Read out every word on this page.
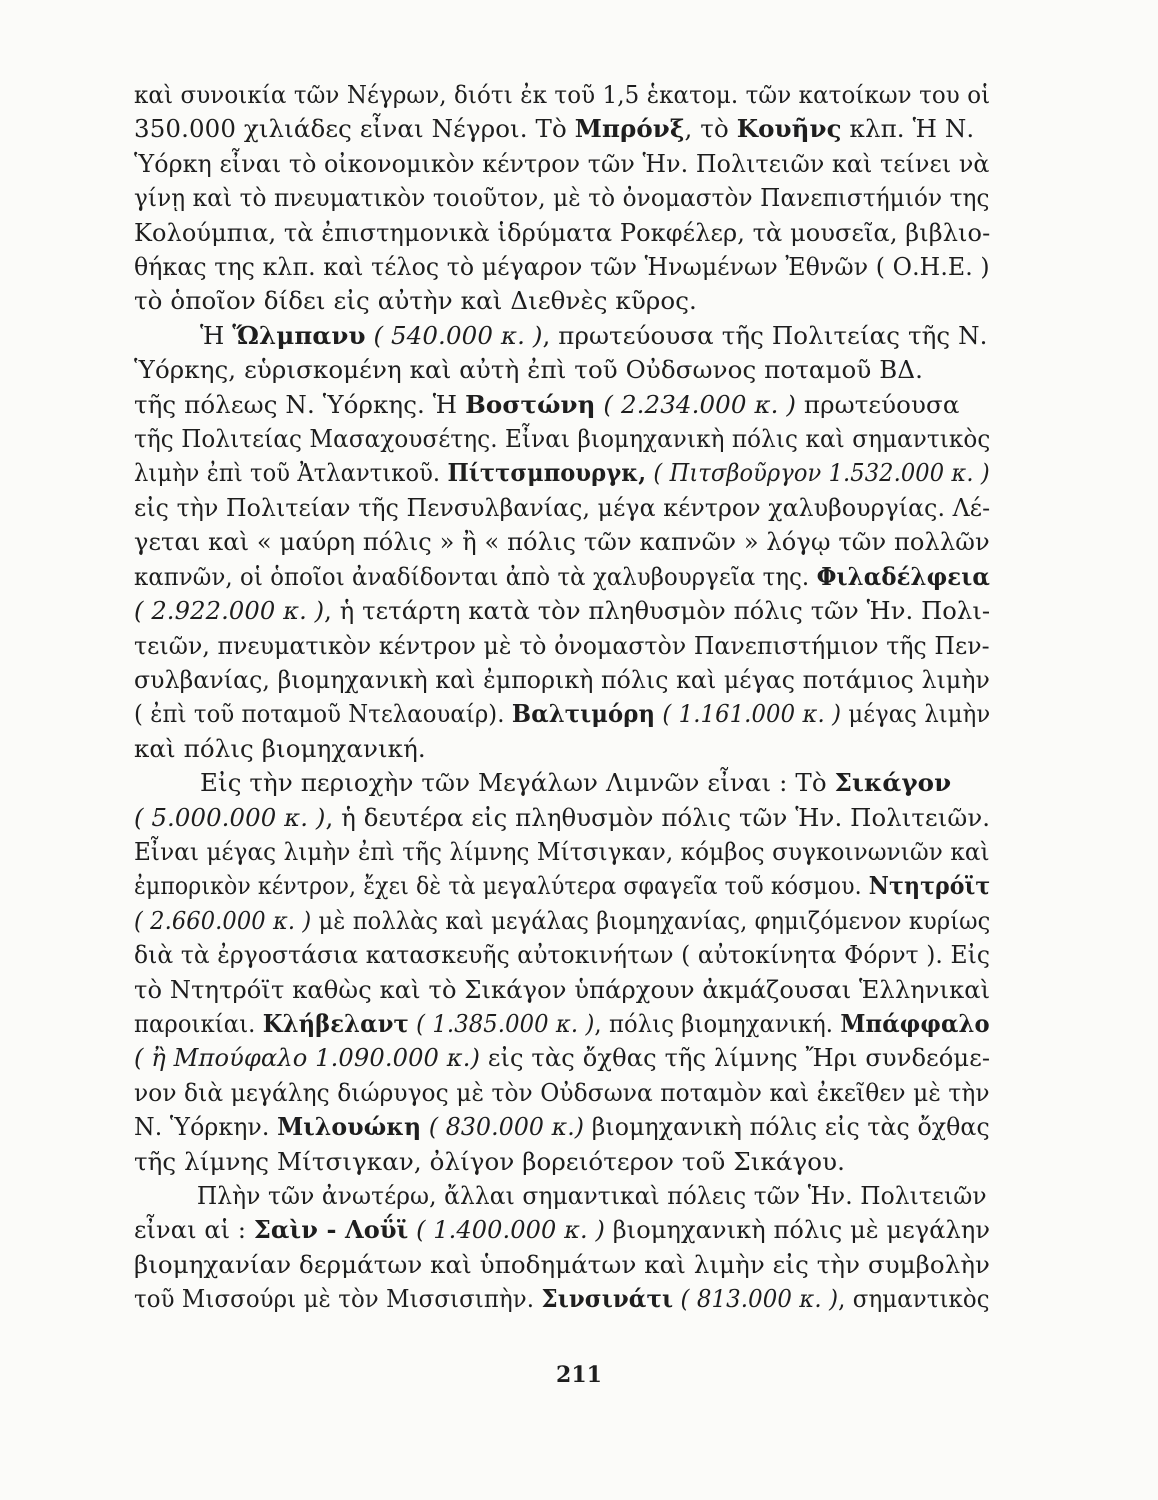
καὶ συνοικία τῶν Νέγρων, διότι ἐκ τοῦ 1,5 ἑκατομ. τῶν κατοίκων του οἱ
350.000 χιλιάδες εἶναι Νέγροι. Τὸ Μπρόνξ, τὸ Κουῆνς κλπ. Ἡ Ν.
Ὑόρκη εἶναι τὸ οἰκονομικὸν κέντρον τῶν Ἡν. Πολιτειῶν καὶ τείνει νὰ
γίνῃ καὶ τὸ πνευματικὸν τοιοῦτον, μὲ τὸ ὀνομαστὸν Πανεπιστήμιόν της
Κολούμπια, τὰ ἐπιστημονικὰ ἱδρύματα Ροκφέλερ, τὰ μουσεῖα, βιβλιο-
θήκας της κλπ. καὶ τέλος τὸ μέγαρον τῶν Ἡνωμένων Ἐθνῶν ( Ο.Η.Ε. )
τὸ ὁποῖον δίδει εἰς αὐτὴν καὶ Διεθνὲς κῦρος.
Ἡ Ὥλμπανυ ( 540.000 κ. ), πρωτεύουσα τῆς Πολιτείας τῆς Ν.
Ὑόρκης, εὑρισκομένη καὶ αὐτὴ ἐπὶ τοῦ Οὐδσωνος ποταμοῦ ΒΔ.
τῆς πόλεως Ν. Ὑόρκης. Ἡ Βοστώνη ( 2.234.000 κ. ) πρωτεύουσα
τῆς Πολιτείας Μασαχουσέτης. Εἶναι βιομηχανικὴ πόλις καὶ σημαντικὸς
λιμὴν ἐπὶ τοῦ Ἀτλαντικοῦ. Πίττσμπουργκ, ( Πιτσβοῦργον 1.532.000 κ. )
εἰς τὴν Πολιτείαν τῆς Πενσυλβανίας, μέγα κέντρον χαλυβουργίας. Λέ-
γεται καὶ « μαύρη πόλις » ἢ « πόλις τῶν καπνῶν » λόγῳ τῶν πολλῶν
καπνῶν, οἱ ὁποῖοι ἀναδίδονται ἀπὸ τὰ χαλυβουργεῖα της. Φιλαδέλφεια
( 2.922.000 κ. ), ἡ τετάρτη κατὰ τὸν πληθυσμὸν πόλις τῶν Ἡν. Πολι-
τειῶν, πνευματικὸν κέντρον μὲ τὸ ὀνομαστὸν Πανεπιστήμιον τῆς Πεν-
συλβανίας, βιομηχανικὴ καὶ ἐμπορικὴ πόλις καὶ μέγας ποτάμιος λιμὴν
( ἐπὶ τοῦ ποταμοῦ Ντελαουαίρ). Βαλτιμόρη ( 1.161.000 κ. ) μέγας λιμὴν
καὶ πόλις βιομηχανική.
Εἰς τὴν περιοχὴν τῶν Μεγάλων Λιμνῶν εἶναι : Τὸ Σικάγον
( 5.000.000 κ. ), ἡ δευτέρα εἰς πληθυσμὸν πόλις τῶν Ἡν. Πολιτειῶν.
Εἶναι μέγας λιμὴν ἐπὶ τῆς λίμνης Μίτσιγκαν, κόμβος συγκοινωνιῶν καὶ
ἐμπορικὸν κέντρον, ἔχει δὲ τὰ μεγαλύτερα σφαγεῖα τοῦ κόσμου. Ντητρόϊτ
( 2.660.000 κ. ) μὲ πολλὰς καὶ μεγάλας βιομηχανίας, φημιζόμενον κυρίως
διὰ τὰ ἐργοστάσια κατασκευῆς αὐτοκινήτων ( αὐτοκίνητα Φόρντ ). Εἰς
τὸ Ντητρόϊτ καθὼς καὶ τὸ Σικάγον ὑπάρχουν ἀκμάζουσαι Ἑλληνικαὶ
παροικίαι. Κλήβελαντ ( 1.385.000 κ. ), πόλις βιομηχανική. Μπάφφαλο
( ἢ Μπούφαλο 1.090.000 κ.) εἰς τὰς ὄχθας τῆς λίμνης Ἤρι συνδεόμε-
νον διὰ μεγάλης διώρυγος μὲ τὸν Οὐδσωνα ποταμὸν καὶ ἐκεῖθεν μὲ τὴν
Ν. Ὑόρκην. Μιλουώκη ( 830.000 κ.) βιομηχανικὴ πόλις εἰς τὰς ὄχθας
τῆς λίμνης Μίτσιγκαν, ὀλίγον βορειότερον τοῦ Σικάγου.
Πλὴν τῶν ἀνωτέρω, ἄλλαι σημαντικαὶ πόλεις τῶν Ἡν. Πολιτειῶν
εἶναι αἱ : Σαὶν - Λοΰϊ ( 1.400.000 κ. ) βιομηχανικὴ πόλις μὲ μεγάλην
βιομηχανίαν δερμάτων καὶ ὑποδημάτων καὶ λιμὴν εἰς τὴν συμβολὴν
τοῦ Μισσούρι μὲ τὸν Μισσισιπὴν. Σινσινάτι ( 813.000 κ. ), σημαντικὸς
211
